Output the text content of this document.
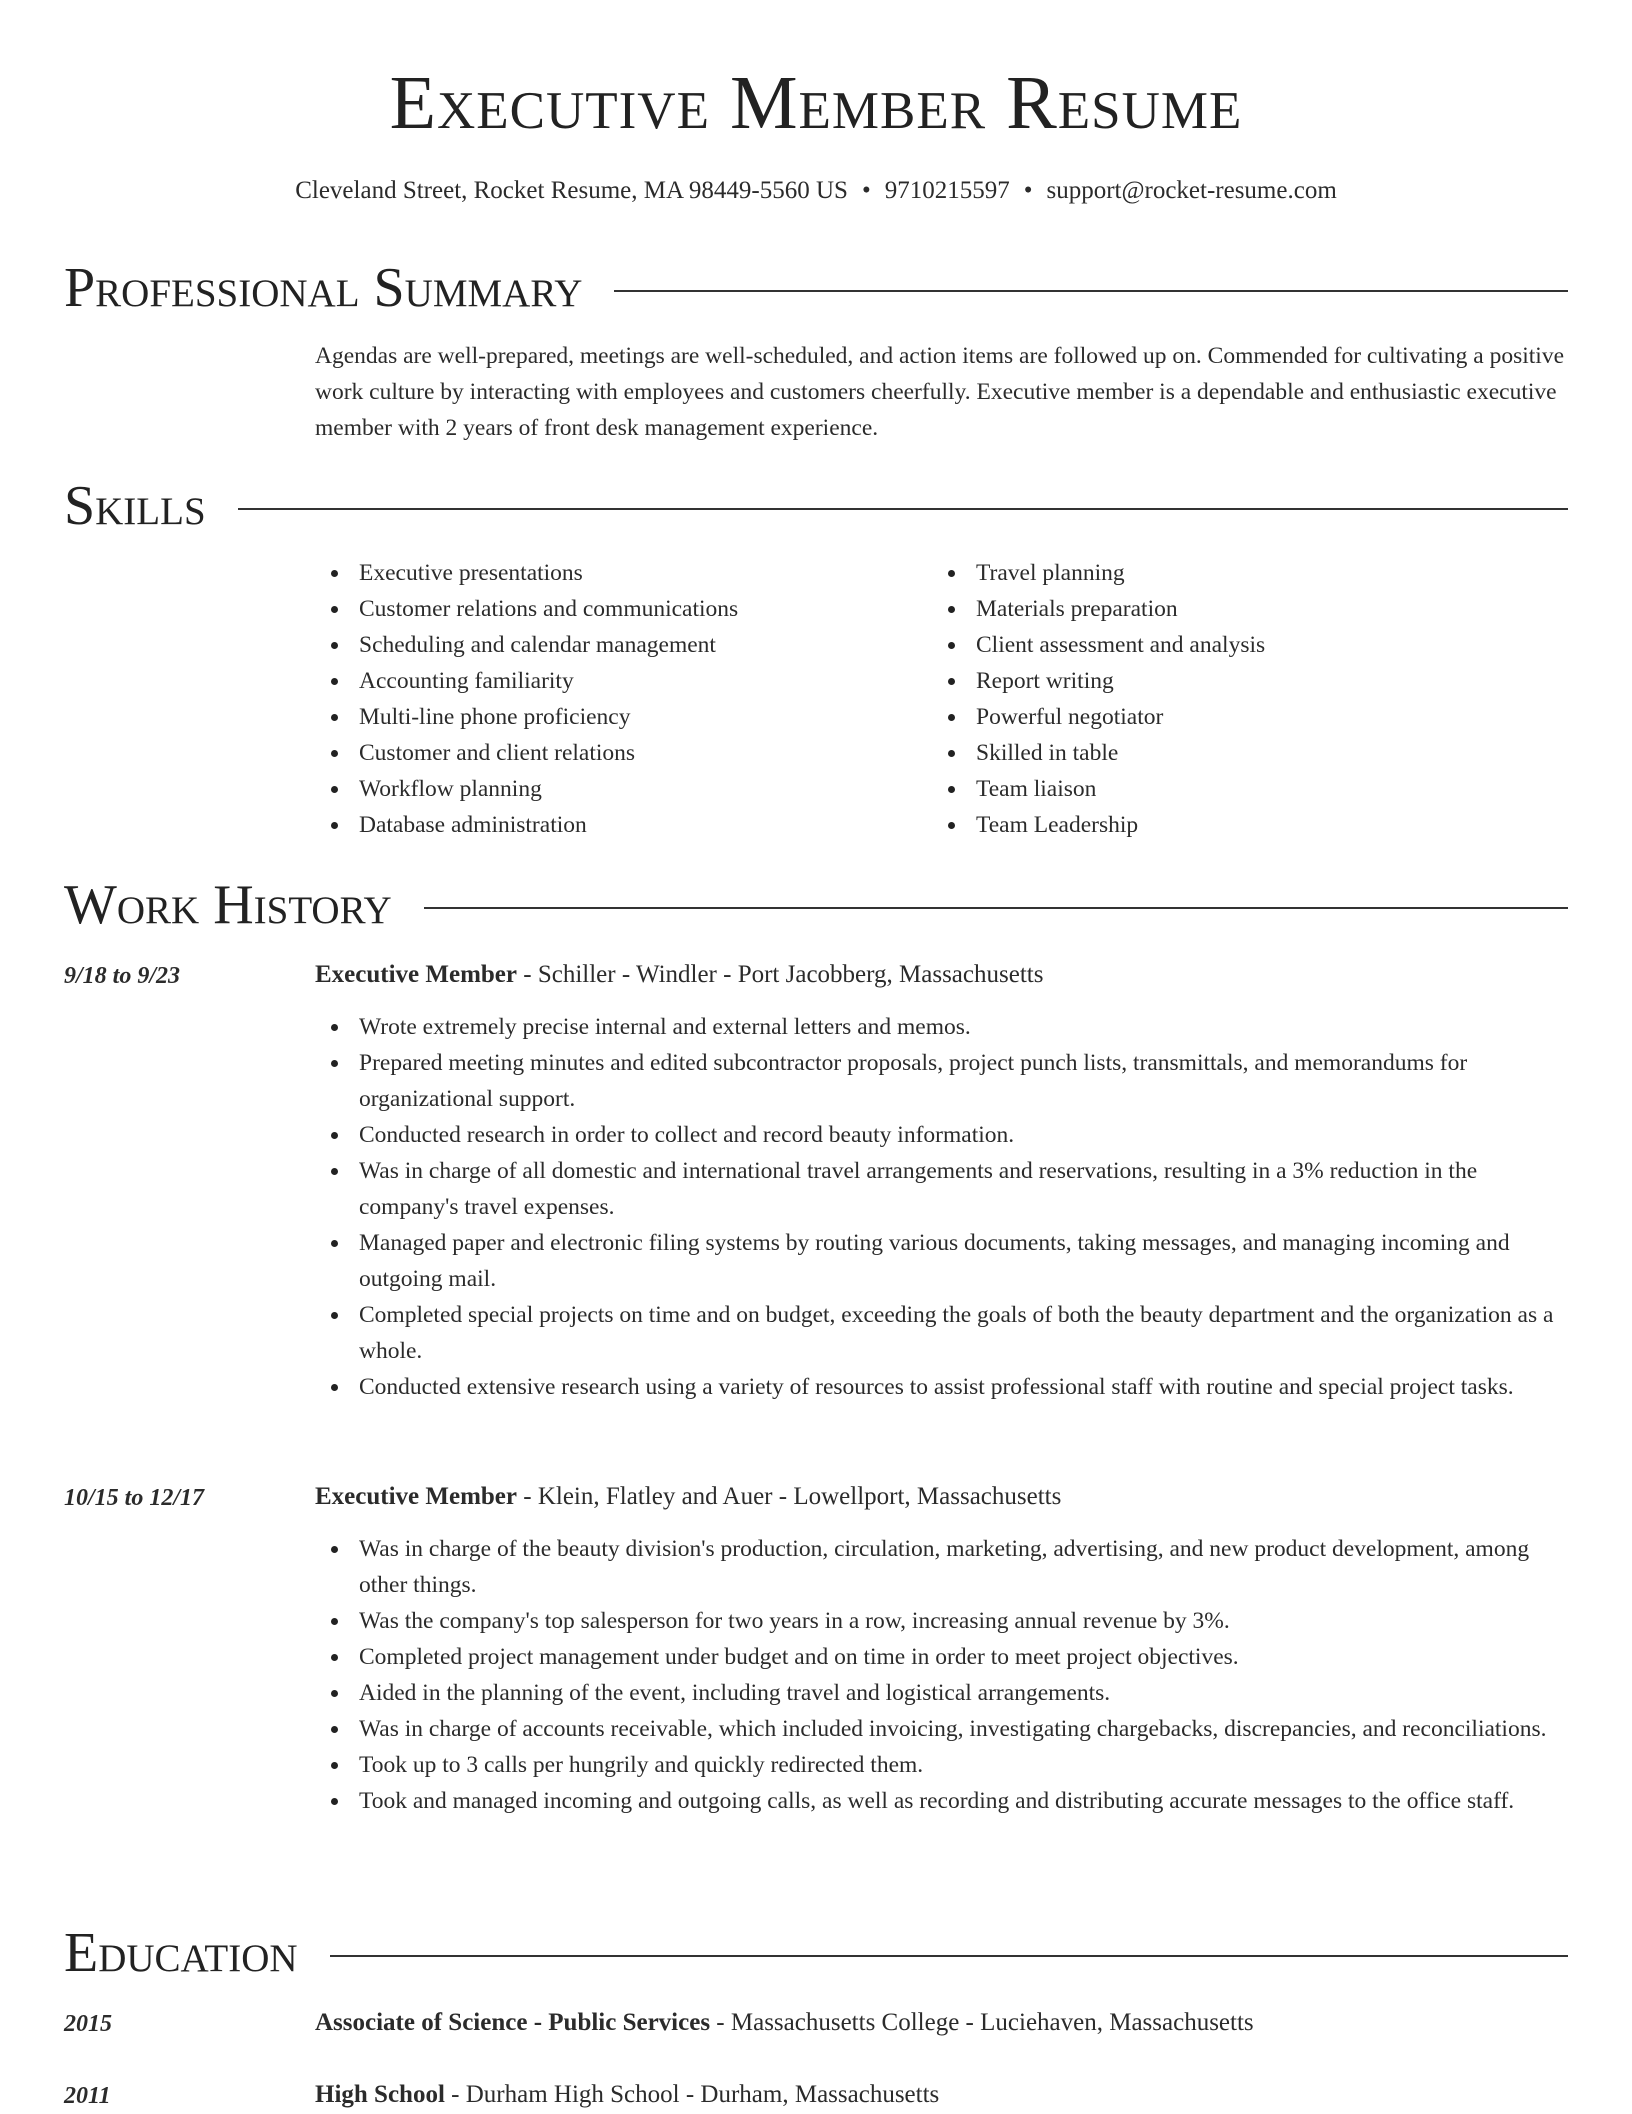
Executive Member Resume
Cleveland Street, Rocket Resume, MA 98449-5560 US • 9710215597 • support@rocket-resume.com
Professional Summary
Agendas are well-prepared, meetings are well-scheduled, and action items are followed up on. Commended for cultivating a positive work culture by interacting with employees and customers cheerfully. Executive member is a dependable and enthusiastic executive member with 2 years of front desk management experience.
Skills
Executive presentations
Customer relations and communications
Scheduling and calendar management
Accounting familiarity
Multi-line phone proficiency
Customer and client relations
Workflow planning
Database administration
Travel planning
Materials preparation
Client assessment and analysis
Report writing
Powerful negotiator
Skilled in table
Team liaison
Team Leadership
Work History
9/18 to 9/23	Executive Member - Schiller - Windler - Port Jacobberg, Massachusetts
Wrote extremely precise internal and external letters and memos.
Prepared meeting minutes and edited subcontractor proposals, project punch lists, transmittals, and memorandums for organizational support.
Conducted research in order to collect and record beauty information.
Was in charge of all domestic and international travel arrangements and reservations, resulting in a 3% reduction in the company's travel expenses.
Managed paper and electronic filing systems by routing various documents, taking messages, and managing incoming and outgoing mail.
Completed special projects on time and on budget, exceeding the goals of both the beauty department and the organization as a whole.
Conducted extensive research using a variety of resources to assist professional staff with routine and special project tasks.
10/15 to 12/17	Executive Member - Klein, Flatley and Auer - Lowellport, Massachusetts
Was in charge of the beauty division's production, circulation, marketing, advertising, and new product development, among other things.
Was the company's top salesperson for two years in a row, increasing annual revenue by 3%.
Completed project management under budget and on time in order to meet project objectives.
Aided in the planning of the event, including travel and logistical arrangements.
Was in charge of accounts receivable, which included invoicing, investigating chargebacks, discrepancies, and reconciliations.
Took up to 3 calls per hungrily and quickly redirected them.
Took and managed incoming and outgoing calls, as well as recording and distributing accurate messages to the office staff.
Education
2015	Associate of Science - Public Services - Massachusetts College - Luciehaven, Massachusetts
2011	High School - Durham High School - Durham, Massachusetts
